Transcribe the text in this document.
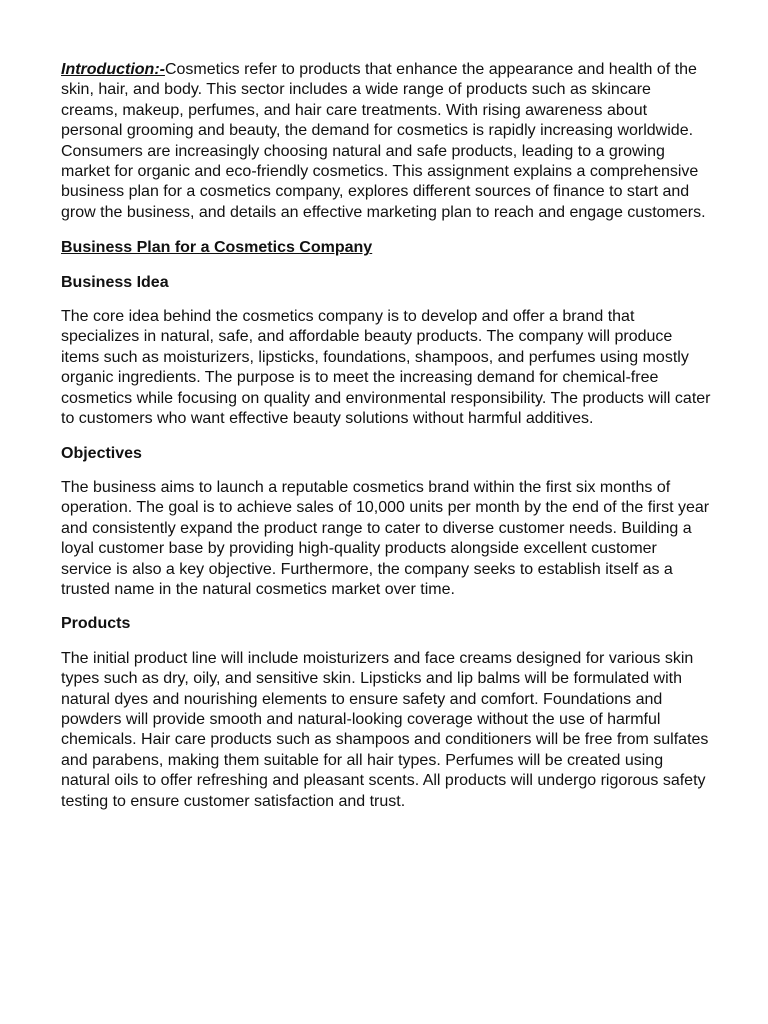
Introduction:-Cosmetics refer to products that enhance the appearance and health of the skin, hair, and body. This sector includes a wide range of products such as skincare creams, makeup, perfumes, and hair care treatments. With rising awareness about personal grooming and beauty, the demand for cosmetics is rapidly increasing worldwide. Consumers are increasingly choosing natural and safe products, leading to a growing market for organic and eco-friendly cosmetics. This assignment explains a comprehensive business plan for a cosmetics company, explores different sources of finance to start and grow the business, and details an effective marketing plan to reach and engage customers.

Business Plan for a Cosmetics Company

Business Idea

The core idea behind the cosmetics company is to develop and offer a brand that specializes in natural, safe, and affordable beauty products. The company will produce items such as moisturizers, lipsticks, foundations, shampoos, and perfumes using mostly organic ingredients. The purpose is to meet the increasing demand for chemical-free cosmetics while focusing on quality and environmental responsibility. The products will cater to customers who want effective beauty solutions without harmful additives.

Objectives

The business aims to launch a reputable cosmetics brand within the first six months of operation. The goal is to achieve sales of 10,000 units per month by the end of the first year and consistently expand the product range to cater to diverse customer needs. Building a loyal customer base by providing high-quality products alongside excellent customer service is also a key objective. Furthermore, the company seeks to establish itself as a trusted name in the natural cosmetics market over time.

Products

The initial product line will include moisturizers and face creams designed for various skin types such as dry, oily, and sensitive skin. Lipsticks and lip balms will be formulated with natural dyes and nourishing elements to ensure safety and comfort. Foundations and powders will provide smooth and natural-looking coverage without the use of harmful chemicals. Hair care products such as shampoos and conditioners will be free from sulfates and parabens, making them suitable for all hair types. Perfumes will be created using natural oils to offer refreshing and pleasant scents. All products will undergo rigorous safety testing to ensure customer satisfaction and trust.
